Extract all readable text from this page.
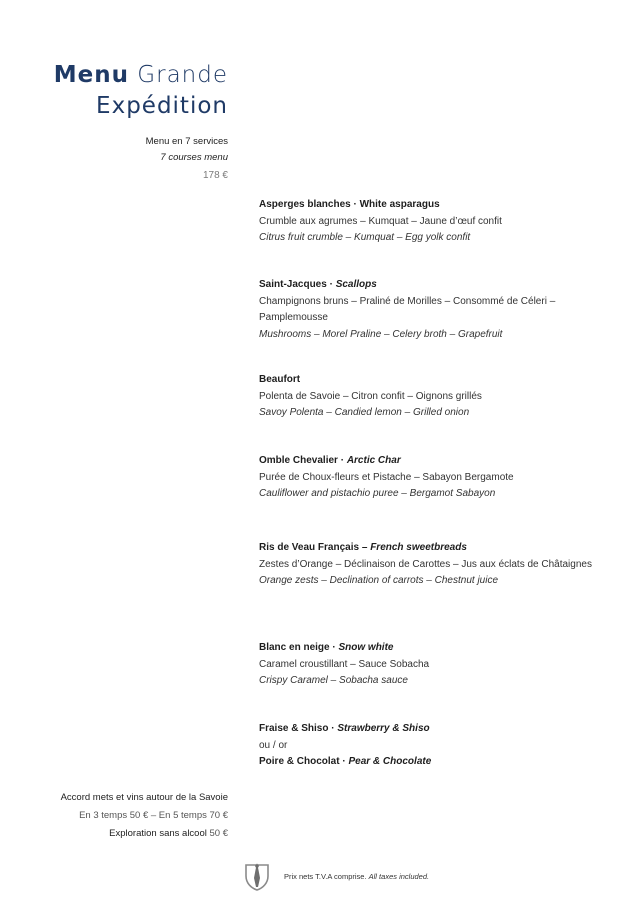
Menu Grande
Expédition
Menu en 7 services
7 courses menu
178 €
Asperges blanches · White asparagus
Crumble aux agrumes – Kumquat – Jaune d’œuf confit
Citrus fruit crumble – Kumquat – Egg yolk confit
Saint-Jacques · Scallops
Champignons bruns – Praliné de Morilles – Consommé de Céleri – Pamplemousse
Mushrooms – Morel Praline – Celery broth – Grapefruit
Beaufort
Polenta de Savoie – Citron confit – Oignons grillés
Savoy Polenta – Candied lemon – Grilled onion
Omble Chevalier · Arctic Char
Purée de Choux-fleurs et Pistache – Sabayon Bergamote
Cauliflower and pistachio puree – Bergamot Sabayon
Ris de Veau Français – French sweetbreads
Zestes d’Orange – Déclinaison de Carottes – Jus aux éclats de Châtaignes
Orange zests – Declination of carrots – Chestnut juice
Blanc en neige · Snow white
Caramel croustillant – Sauce Sobacha
Crispy Caramel – Sobacha sauce
Fraise & Shiso · Strawberry & Shiso
ou / or
Poire & Chocolat · Pear & Chocolate
Accord mets et vins autour de la Savoie
En 3 temps 50 € – En 5 temps 70 €
Exploration sans alcool 50 €
Prix nets T.V.A comprise. All taxes included.
